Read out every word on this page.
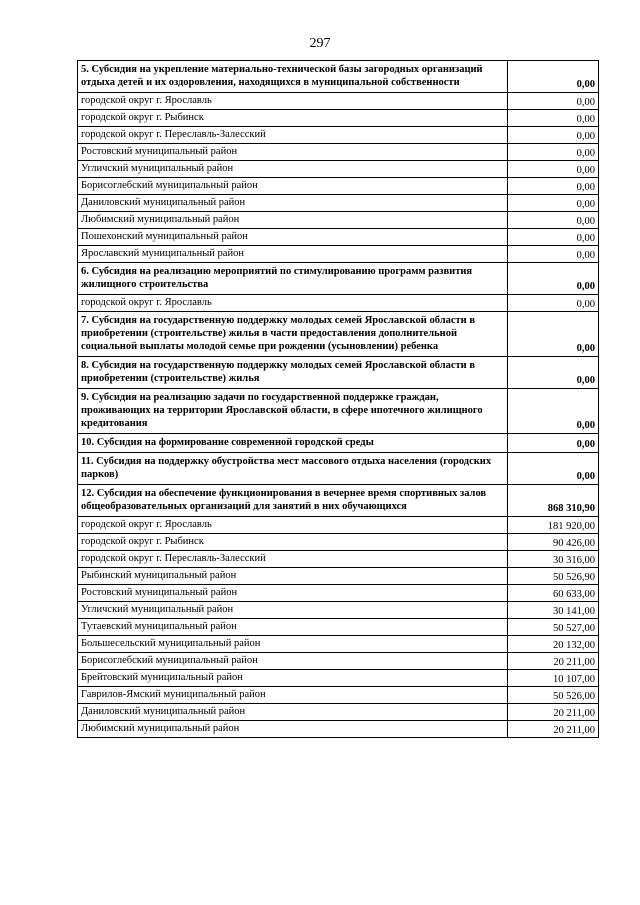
297
5. Субсидия на укрепление материально-технической базы загородных организаций отдыха детей и их оздоровления, находящихся в муниципальной собственности	0,00
городской округ г. Ярославль	0,00
городской округ г. Рыбинск	0,00
городской округ г. Переславль-Залесский	0,00
Ростовский муниципальный район	0,00
Угличский муниципальный район	0,00
Борисоглебский муниципальный район	0,00
Даниловский муниципальный район	0,00
Любимский муниципальный район	0,00
Пошехонский муниципальный район	0,00
Ярославский муниципальный район	0,00
6. Субсидия на реализацию мероприятий по стимулированию программ развития жилищного строительства	0,00
городской округ г. Ярославль	0,00
7. Субсидия на государственную поддержку молодых семей Ярославской области в приобретении (строительстве) жилья в части предоставления дополнительной социальной выплаты молодой семье при рождении (усыновлении) ребенка	0,00
8. Субсидия на государственную поддержку молодых семей Ярославской области в приобретении (строительстве) жилья	0,00
9. Субсидия на реализацию задачи по государственной поддержке граждан, проживающих на территории Ярославской области, в сфере ипотечного жилищного кредитования	0,00
10. Субсидия на формирование современной городской среды	0,00
11. Субсидия на поддержку обустройства мест массового отдыха населения (городских парков)	0,00
12. Субсидия на обеспечение функционирования в вечернее время спортивных залов общеобразовательных организаций для занятий в них обучающихся	868 310,90
городской округ г. Ярославль	181 920,00
городской округ г. Рыбинск	90 426,00
городской округ г. Переславль-Залесский	30 316,00
Рыбинский муниципальный район	50 526,90
Ростовский муниципальный район	60 633,00
Угличский муниципальный район	30 141,00
Тутаевский муниципальный район	50 527,00
Большесельский муниципальный район	20 132,00
Борисоглебский муниципальный район	20 211,00
Брейтовский муниципальный район	10 107,00
Гаврилов-Ямский муниципальный район	50 526,00
Даниловский муниципальный район	20 211,00
Любимский муниципальный район	20 211,00
